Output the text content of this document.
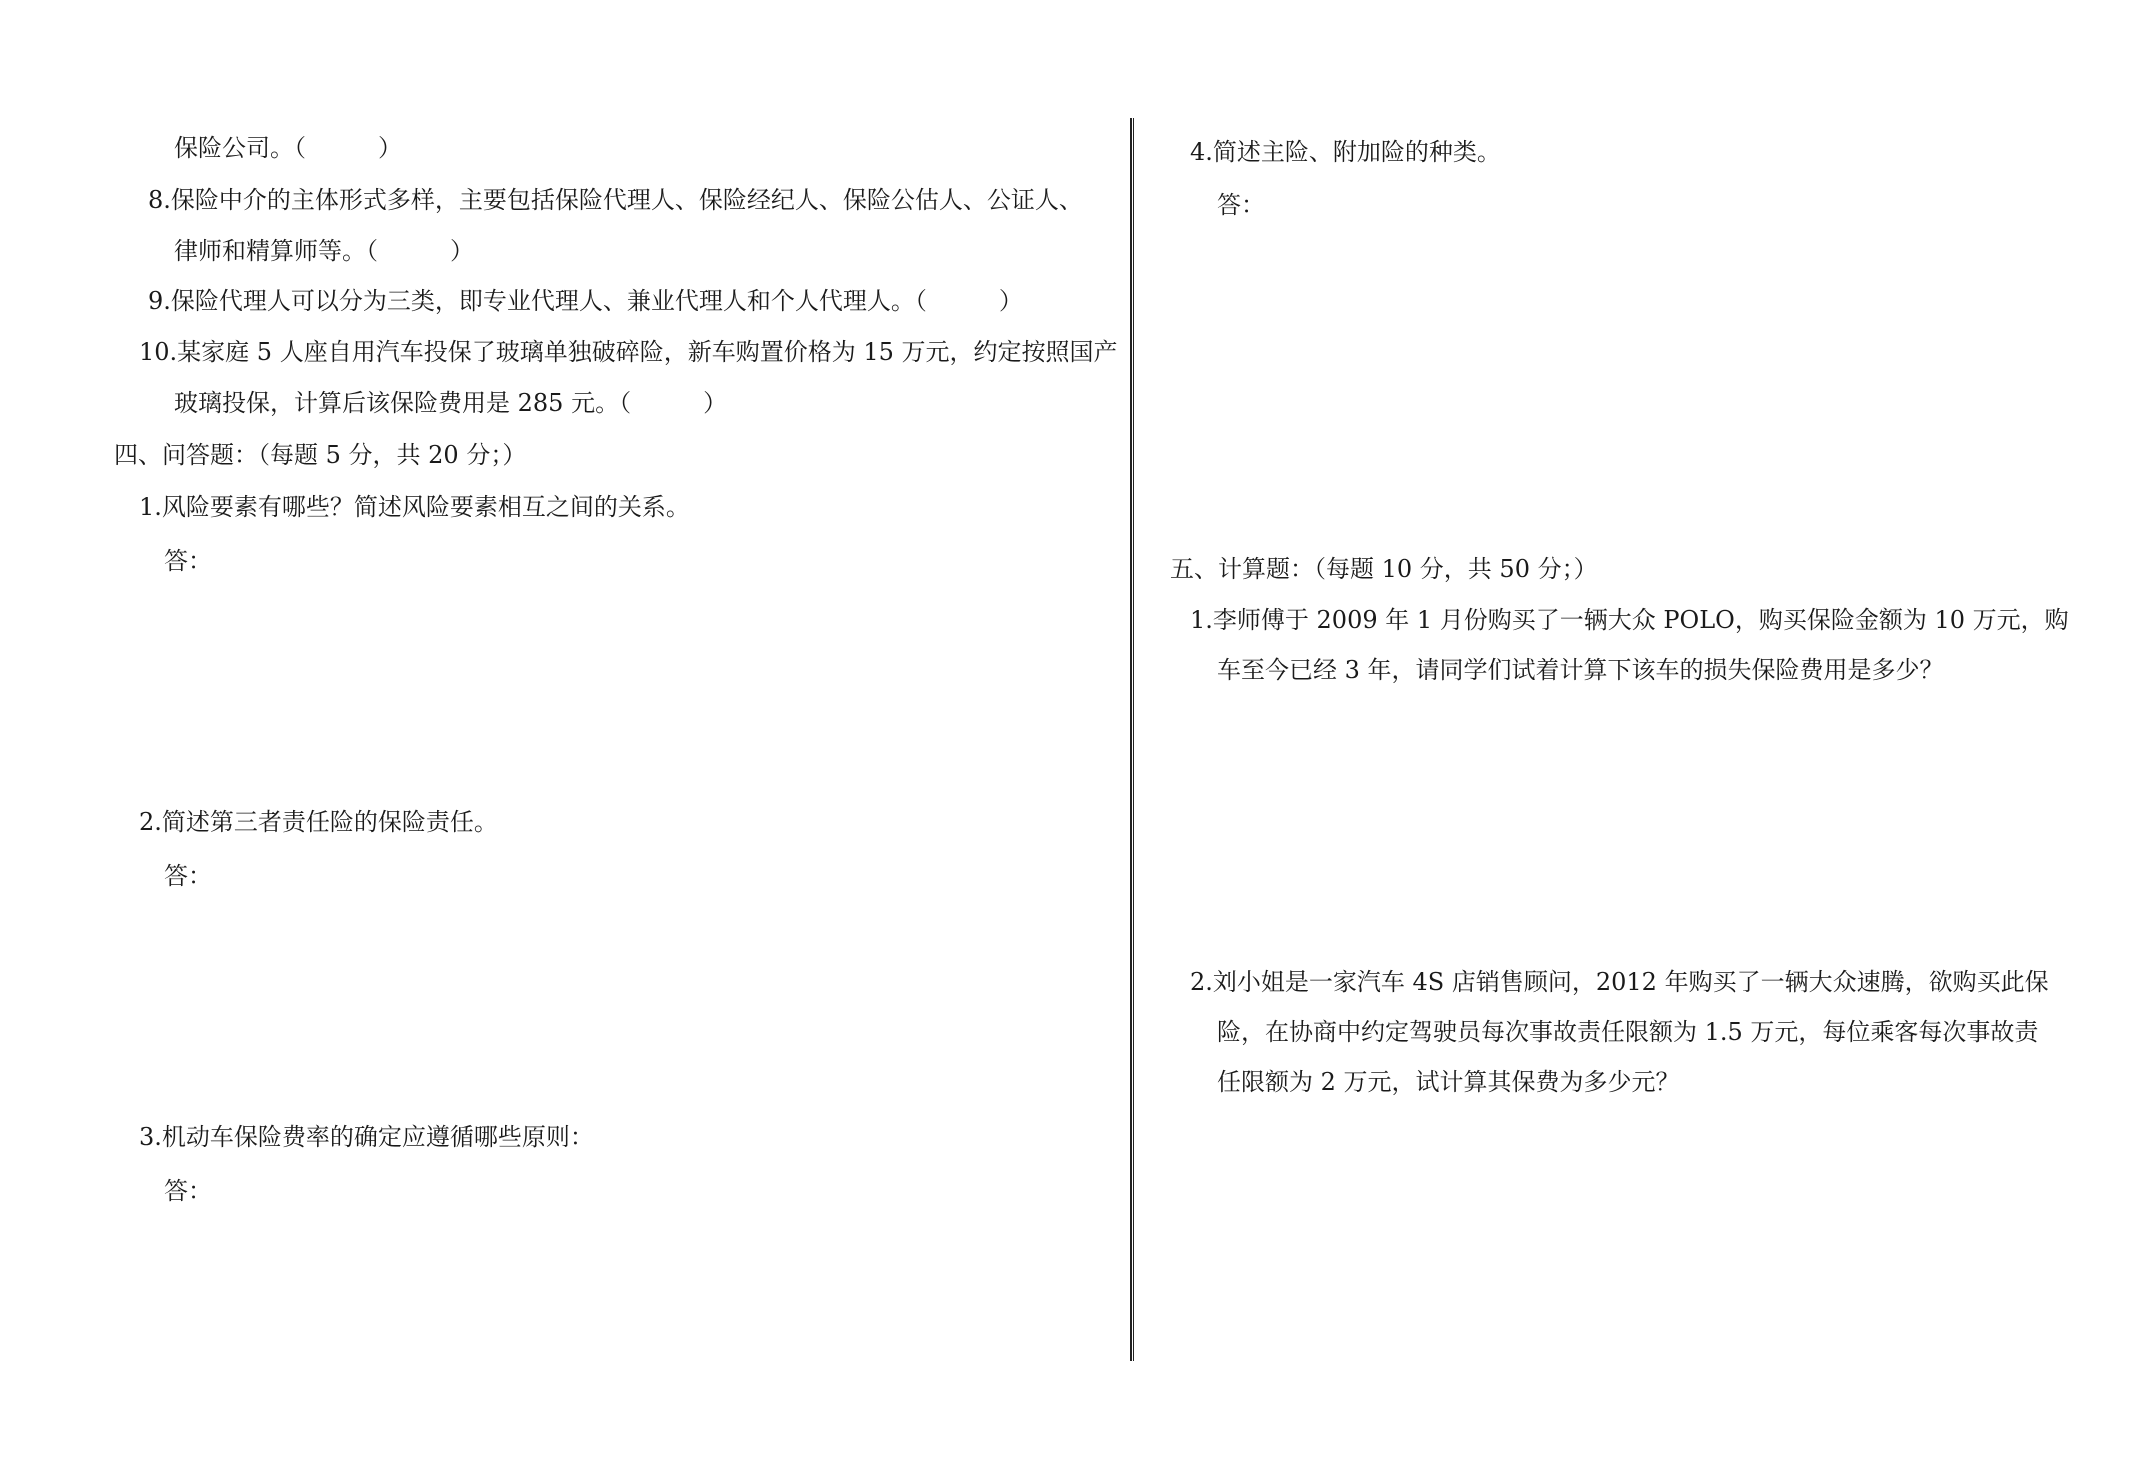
保险公司。（　　　）
8.保险中介的主体形式多样，主要包括保险代理人、保险经纪人、保险公估人、公证人、
律师和精算师等。（　　　）
9.保险代理人可以分为三类，即专业代理人、兼业代理人和个人代理人。（　　　）
10.某家庭 5 人座自用汽车投保了玻璃单独破碎险，新车购置价格为 15 万元，约定按照国产
玻璃投保，计算后该保险费用是 285 元。（　　　）
四、问答题：（每题 5 分，共 20 分；）
1.风险要素有哪些？简述风险要素相互之间的关系。
答：
2.简述第三者责任险的保险责任。
答：
3.机动车保险费率的确定应遵循哪些原则：
答：
4.简述主险、附加险的种类。
答：
五、计算题：（每题 10 分，共 50 分；）
1.李师傅于 2009 年 1 月份购买了一辆大众 POLO，购买保险金额为 10 万元，购
车至今已经 3 年，请同学们试着计算下该车的损失保险费用是多少？
2.刘小姐是一家汽车 4S 店销售顾问，2012 年购买了一辆大众速腾，欲购买此保
险，在协商中约定驾驶员每次事故责任限额为 1.5 万元，每位乘客每次事故责
任限额为 2 万元，试计算其保费为多少元？
